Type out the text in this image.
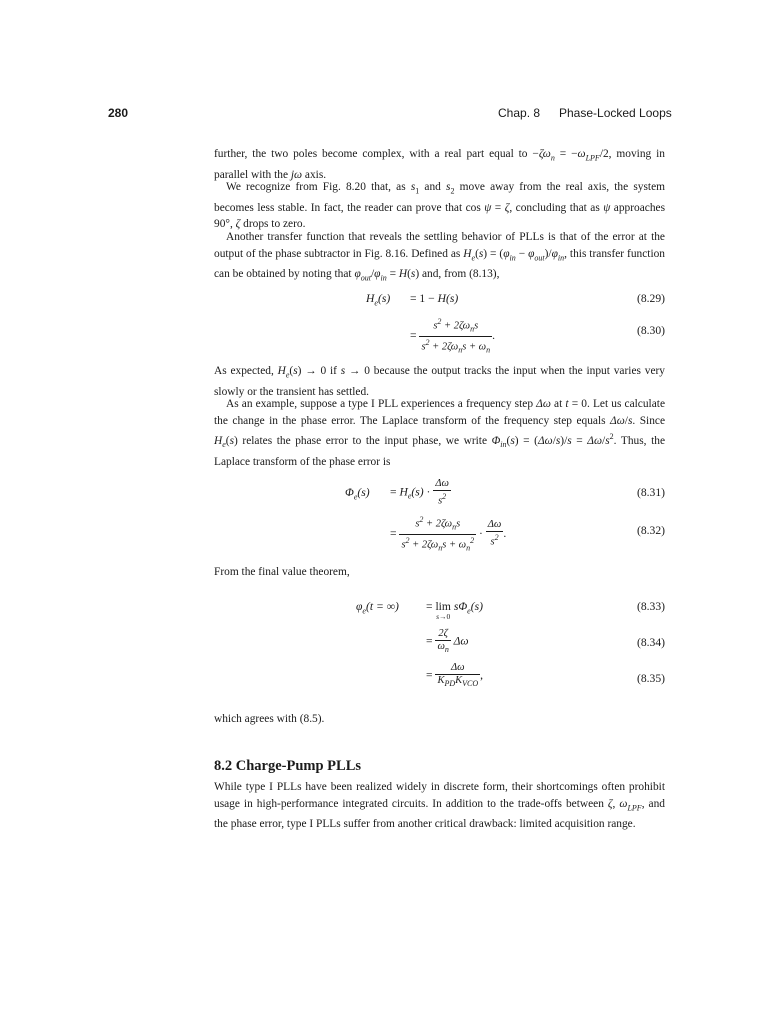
280	Chap. 8 Phase-Locked Loops

further, the two poles become complex, with a real part equal to $-\zeta\omega_n = -\omega_{LPF}/2$, moving in parallel with the jω axis.

We recognize from Fig. 8.20 that, as $s_1$ and $s_2$ move away from the real axis, the system becomes less stable. In fact, the reader can prove that cos ψ = ζ, concluding that as ψ approaches 90°, ζ drops to zero.

Another transfer function that reveals the settling behavior of PLLs is that of the error at the output of the phase subtractor in Fig. 8.16. Defined as $H_e(s) = (\varphi_{in} - \varphi_{out})/\varphi_{in}$, this transfer function can be obtained by noting that $\varphi_{out}/\varphi_{in} = H(s)$ and, from (8.13),

$H_e(s) = 1 - H(s)$	(8.29)
= $\frac{s^2 + 2\zeta\omega_ns}{s^2 + 2\zeta\omega_ns + \omega_n}$ .	(8.30)

As expected, $H_e(s) \to 0$ if s → 0 because the output tracks the input when the input varies very slowly or the transient has settled.

As an example, suppose a type I PLL experiences a frequency step Δω at t = 0. Let us calculate the change in the phase error. The Laplace transform of the frequency step equals Δω/s. Since $H_e(s)$ relates the phase error to the input phase, we write $\Phi_{in}(s) = (\Delta\omega/s)/s = \Delta\omega/s^2$. Thus, the Laplace transform of the phase error is

$\Phi_e(s) = H_e(s) \cdot \frac{\Delta\omega}{s^2}$	(8.31)
= $\frac{s^2 + 2\zeta\omega_ns}{s^2 + 2\zeta\omega_ns + \omega_n^2} \cdot \frac{\Delta\omega}{s^2}$ .	(8.32)

From the final value theorem,

$\varphi_e(t$ = ∞) = lim
s→0
$s\Phi_e(s)$	(8.33)
= $\frac{2\zeta}{\omega_n}$ Δω	(8.34)
= $\frac{\Delta\omega}{K_{PD}K_{VCO}}$ ,	(8.35)

which agrees with (8.5).

8.2 Charge-Pump PLLs

While type I PLLs have been realized widely in discrete form, their shortcomings often prohibit usage in high-performance integrated circuits. In addition to the trade-offs between ζ, $\omega_{LPF}$, and the phase error, type I PLLs suffer from another critical drawback: limited acquisition range.
